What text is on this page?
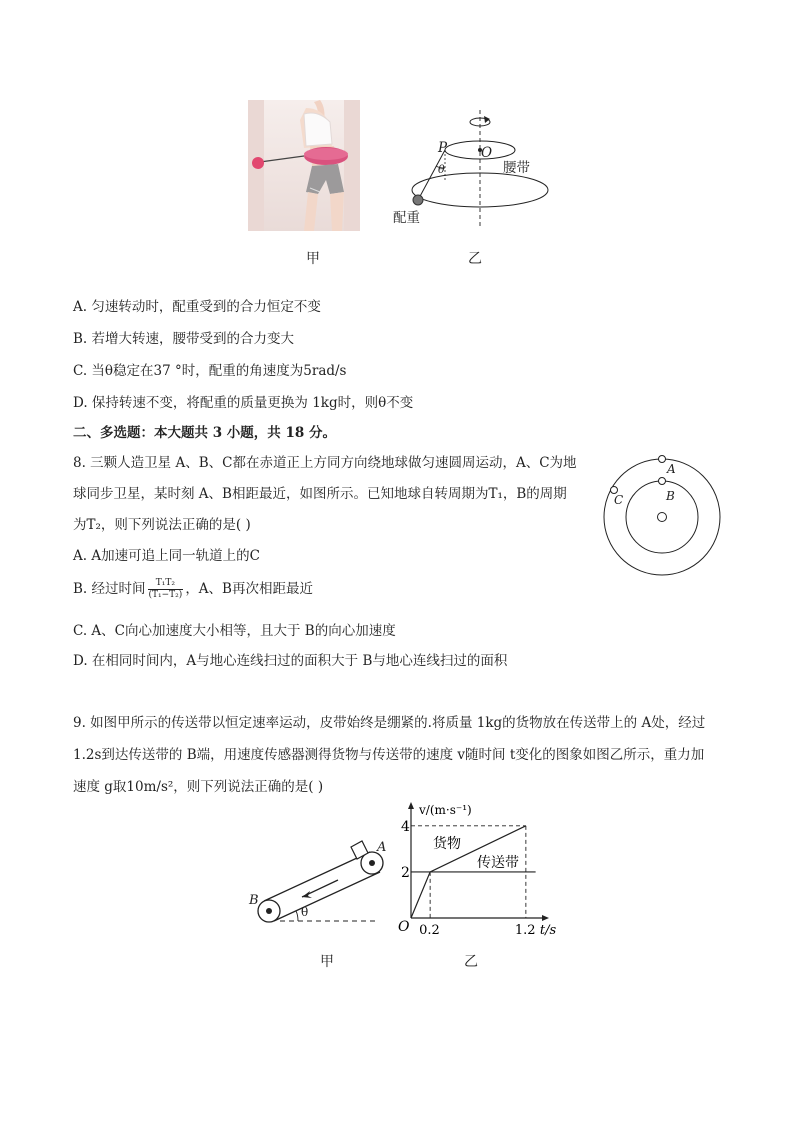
P	O
θ	腰带
配重
甲	乙
A. 匀速转动时，配重受到的合力恒定不变
B. 若增大转速，腰带受到的合力变大
C. 当θ稳定在37 °时，配重的角速度为5rad/s
D. 保持转速不变，将配重的质量更换为 1kg时，则θ不变
二、多选题：本大题共 3 小题，共 18 分。
8. 三颗人造卫星 A、B、C都在赤道正上方同方向绕地球做匀速圆周运动，A、C为地
球同步卫星，某时刻 A、B相距最近，如图所示。已知地球自转周期为T₁，B的周期
为T₂，则下列说法正确的是( )
A. A加速可追上同一轨道上的C
B. 经过时间 $\frac{\text{T₁T₂}}{\text{(T₁−T₂)}}$ ，A、B再次相距最近
C. A、C向心加速度大小相等，且大于 B的向心加速度
D. 在相同时间内，A与地心连线扫过的面积大于 B与地心连线扫过的面积
A
B
C
9. 如图甲所示的传送带以恒定速率运动，皮带始终是绷紧的.将质量 1kg的货物放在传送带上的 A处，经过
1.2s到达传送带的 B端，用速度传感器测得货物与传送带的速度 v随时间 t变化的图象如图乙所示，重力加
速度 g取10m/s²，则下列说法正确的是( )
A
B
θ
4
2
0.2	1.2
O	t/s
v/(m·s⁻¹)
货物
传送带
甲	乙
